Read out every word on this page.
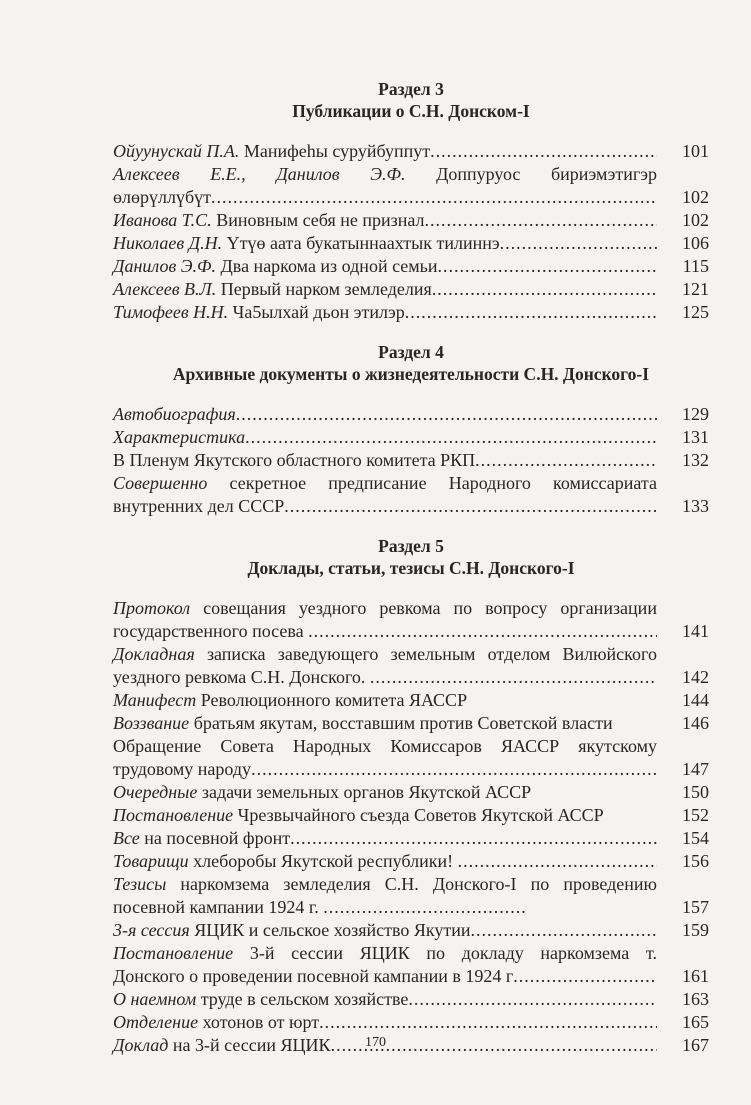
Раздел 3
Публикации о С.Н. Донском-I
Ойуунускай П.А. Манифеһы суруйбуппут .....	101
Алексеев Е.Е., Данилов Э.Ф. Доппуруос бириэмэтигэр
өлөрүллүбүт .....	102
Иванова Т.С. Виновным себя не признал .....	102
Николаев Д.Н. Үтүө аата букатыннаахтык тилиннэ .....	106
Данилов Э.Ф. Два наркома из одной семьи .....	115
Алексеев В.Л. Первый нарком земледелия .....	121
Тимофеев Н.Н. Ча5ылхай дьон этилэр .....	125
Раздел 4
Архивные документы о жизнедеятельности С.Н. Донского-I
Автобиография .....	129
Характеристика .....	131
В Пленум Якутского областного комитета РКП .....	132
Совершенно секретное предписание Народного комиссариата
внутренних дел СССР .....	133
Раздел 5
Доклады, статьи, тезисы С.Н. Донского-I
Протокол совещания уездного ревкома по вопросу организации
государственного посева .....	141
Докладная записка заведующего земельным отделом Вилюйского
уездного ревкома С.Н. Донского. .....	142
Манифест Революционного комитета ЯАССР	144
Воззвание братьям якутам, восставшим против Советской власти	146
Обращение Совета Народных Комиссаров ЯАССР якутскому
трудовому народу .....	147
Очередные задачи земельных органов Якутской АССР	150
Постановление Чрезвычайного съезда Советов Якутской АССР	152
Все на посевной фронт .....	154
Товарищи хлеборобы Якутской республики! .....	156
Тезисы наркомзема земледелия С.Н. Донского-I по проведению
посевной кампании 1924 г. .....	157
3-я сессия ЯЦИК и сельское хозяйство Якутии .....	159
Постановление 3-й сессии ЯЦИК по докладу наркомзема т.
Донского о проведении посевной кампании в 1924 г .....	161
О наемном труде в сельском хозяйстве .....	163
Отделение хотонов от юрт .....	165
Доклад на 3-й сессии ЯЦИК .....	167
170
